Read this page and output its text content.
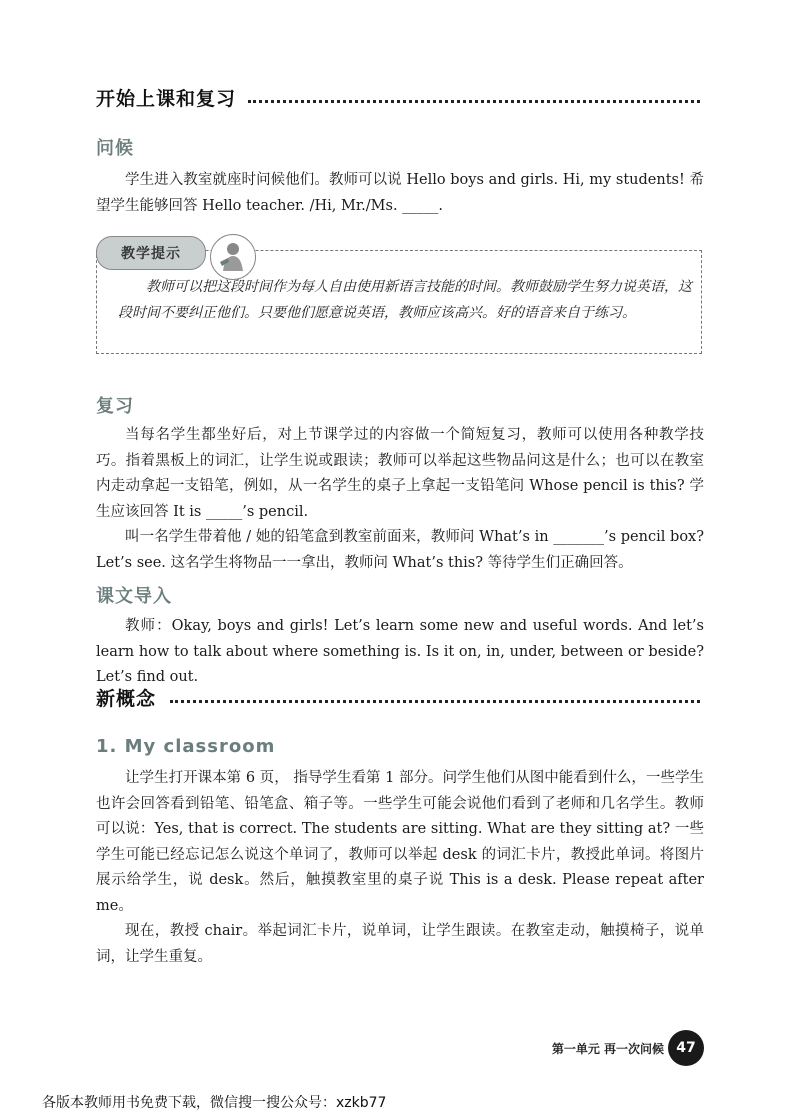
开始上课和复习
问候

学生进入教室就座时问候他们。教师可以说 Hello boys and girls. Hi, my students! 希望学生能够回答 Hello teacher. /Hi, Mr./Ms. _____.

教学提示

教师可以把这段时间作为每人自由使用新语言技能的时间。教师鼓励学生努力说英语，这段时间不要纠正他们。只要他们愿意说英语，教师应该高兴。好的语音来自于练习。

复习

当每名学生都坐好后，对上节课学过的内容做一个简短复习，教师可以使用各种教学技巧。指着黑板上的词汇，让学生说或跟读；教师可以举起这些物品问这是什么；也可以在教室内走动拿起一支铅笔，例如，从一名学生的桌子上拿起一支铅笔问 Whose pencil is this? 学生应该回答 It is _____’s pencil.

叫一名学生带着他 / 她的铅笔盒到教室前面来，教师问 What’s in _______’s pencil box? Let’s see. 这名学生将物品一一拿出，教师问 What’s this? 等待学生们正确回答。

课文导入

教师：Okay, boys and girls! Let’s learn some new and useful words. And let’s learn how to talk about where something is. Is it on, in, under, between or beside? Let’s find out.

新概念
1. My classroom

让学生打开课本第 6 页， 指导学生看第 1 部分。问学生他们从图中能看到什么，一些学生也许会回答看到铅笔、铅笔盒、箱子等。一些学生可能会说他们看到了老师和几名学生。教师可以说：Yes, that is correct. The students are sitting. What are they sitting at? 一些学生可能已经忘记怎么说这个单词了，教师可以举起 desk 的词汇卡片，教授此单词。将图片展示给学生，说 desk。然后，触摸教室里的桌子说 This is a desk. Please repeat after me。

现在，教授 chair。举起词汇卡片，说单词，让学生跟读。在教室走动，触摸椅子，说单词，让学生重复。

第一单元 再一次问候 47
各版本教师用书免费下载，微信搜一搜公众号：xzkb77
